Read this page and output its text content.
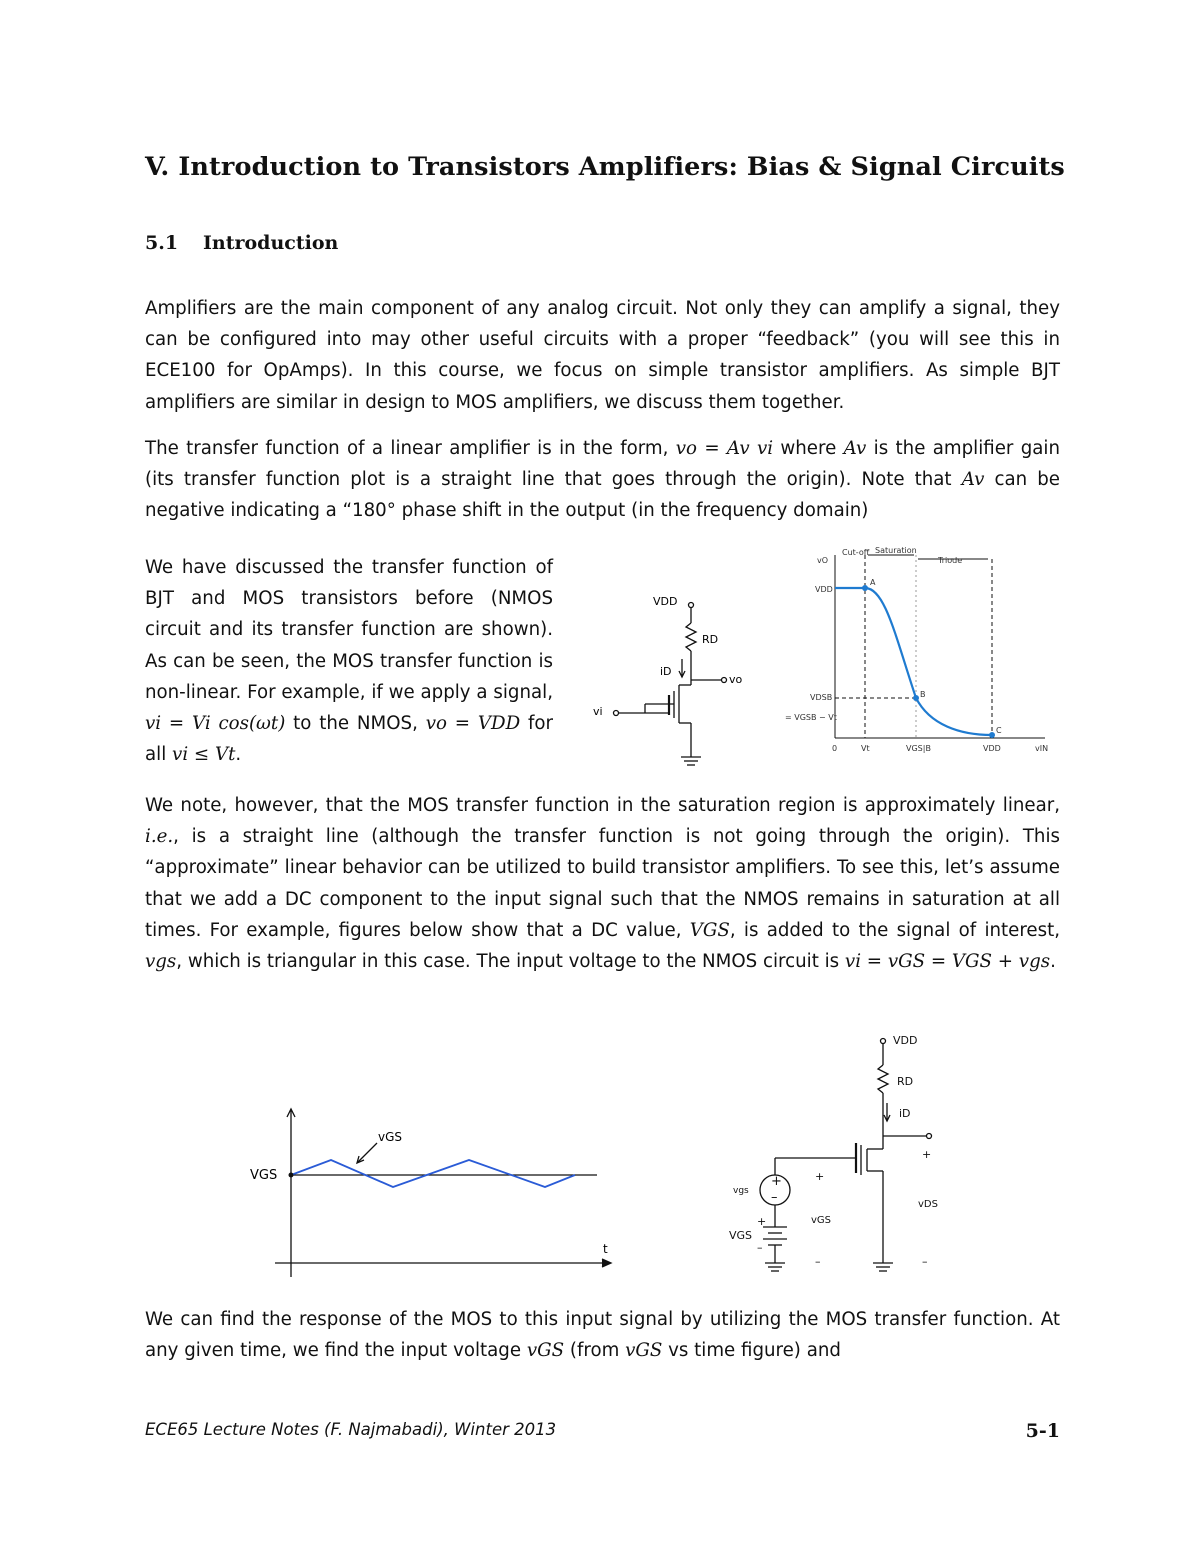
V. Introduction to Transistors Amplifiers: Bias & Signal Circuits
5.1 Introduction

Amplifiers are the main component of any analog circuit. Not only they can amplify a signal, they can be configured into may other useful circuits with a proper “feedback” (you will see this in ECE100 for OpAmps). In this course, we focus on simple transistor amplifiers. As simple BJT amplifiers are similar in design to MOS amplifiers, we discuss them together.

The transfer function of a linear amplifier is in the form, vo = Av vi where Av is the amplifier gain (its transfer function plot is a straight line that goes through the origin). Note that Av can be negative indicating a “180° phase shift in the output (in the frequency domain)

We have discussed the transfer function of BJT and MOS transistors before (NMOS circuit and its transfer function are shown). As can be seen, the MOS transfer function is non-linear. For example, if we apply a signal, vi = Vi cos(ωt) to the NMOS, vo = VDD for all vi ≤ Vt.

VDD
RD
iD
vo
vi
vO
VDD
Cut-off Saturation
Triode
A
B
C
VDSB
= VGSB − Vt
0	Vt	VGS|B	VDD	vIN

We note, however, that the MOS transfer function in the saturation region is approximately linear, i.e., is a straight line (although the transfer function is not going through the origin). This “approximate” linear behavior can be utilized to build transistor amplifiers. To see this, let’s assume that we add a DC component to the input signal such that the NMOS remains in saturation at all times. For example, figures below show that a DC value, VGS, is added to the signal of interest, vgs, which is triangular in this case. The input voltage to the NMOS circuit is vi = vGS = VGS + vgs.

VGS
vGS
t
VDD
RD
iD
+
–
vgs
+
–
VGS
+
vGS
–
+
vDS
–

We can find the response of the MOS to this input signal by utilizing the MOS transfer function. At any given time, we find the input voltage vGS (from vGS vs time figure) and

ECE65 Lecture Notes (F. Najmabadi), Winter 2013	5-1
